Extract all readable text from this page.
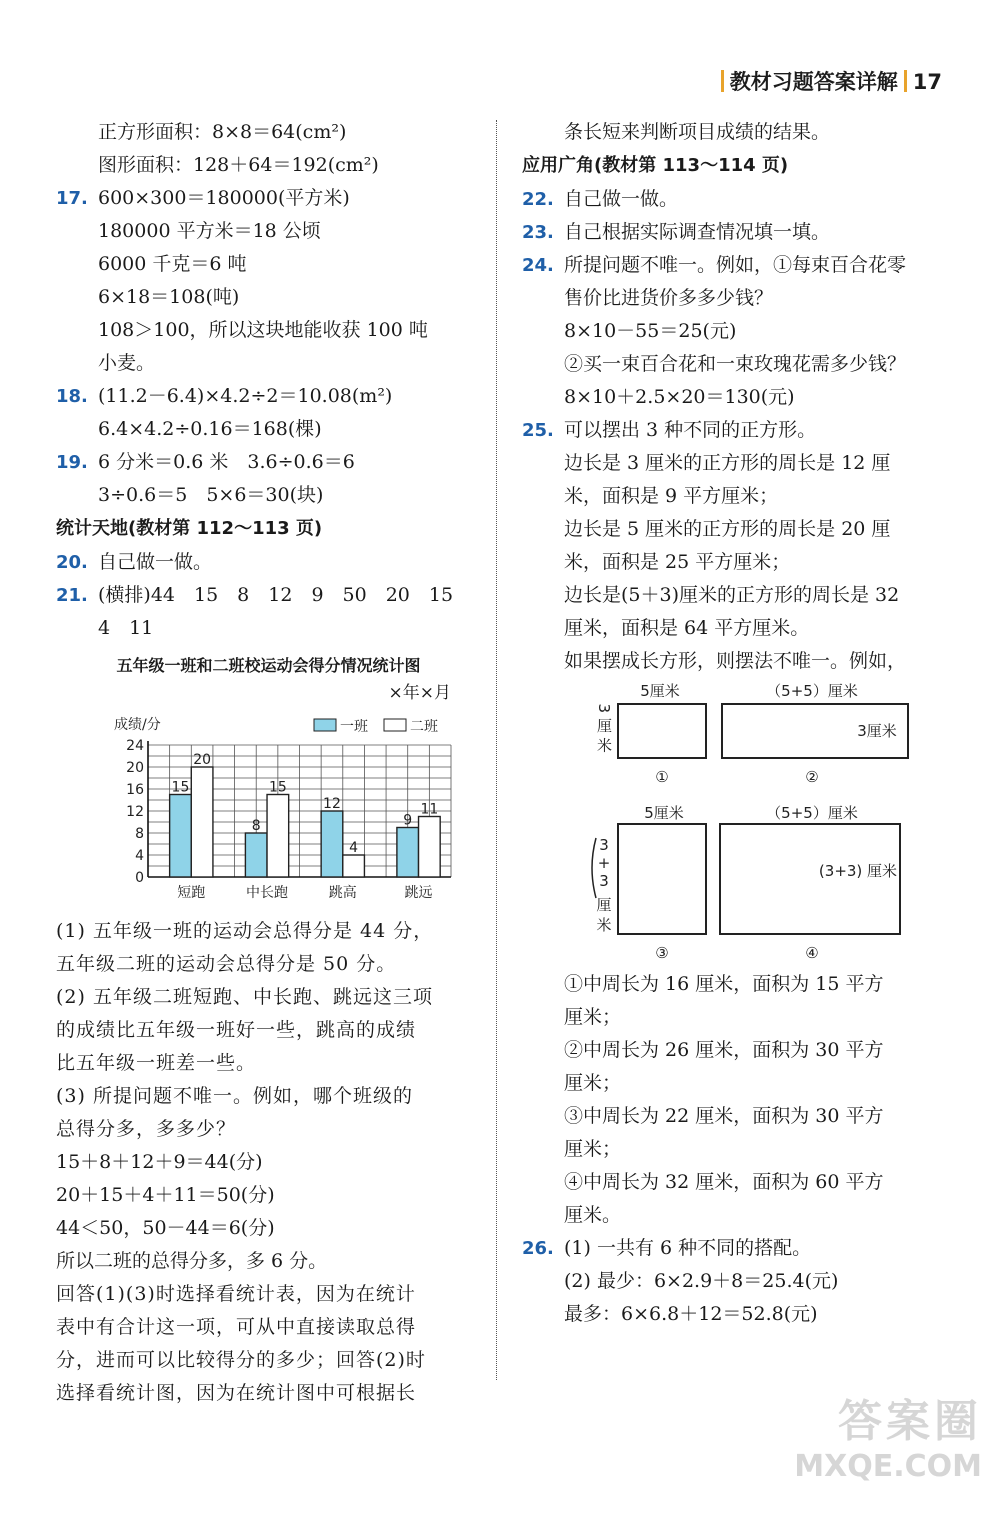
教材习题答案详解 17
正方形面积：8×8＝64(cm²)
图形面积：128＋64＝192(cm²)
17. 600×300＝180000(平方米)
180000 平方米＝18 公顷
6000 千克＝6 吨
6×18＝108(吨)
108＞100，所以这块地能收获 100 吨
小麦。
18. (11.2－6.4)×4.2÷2＝10.08(m²)
6.4×4.2÷0.16＝168(棵)
19. 6 分米＝0.6 米　3.6÷0.6＝6
3÷0.6＝5　5×6＝30(块)
统计天地(教材第 112～113 页)
20. 自己做一做。
21. (横排)44　15　8　12　9　50　20　15
4　11
五年级一班和二班校运动会得分情况统计图
×年×月
成绩/分
0
4
8
12
16
20
24
一班	二班
15
20
短跑
8
15
中长跑
12
4
跳高
9
11
跳远
(1) 五年级一班的运动会总得分是 44 分，
五年级二班的运动会总得分是 50 分。
(2) 五年级二班短跑、中长跑、跳远这三项
的成绩比五年级一班好一些，跳高的成绩
比五年级一班差一些。
(3) 所提问题不唯一。例如，哪个班级的
总得分多，多多少？
15＋8＋12＋9＝44(分)
20＋15＋4＋11＝50(分)
44＜50，50－44＝6(分)
所以二班的总得分多，多 6 分。
回答(1)(3)时选择看统计表，因为在统计
表中有合计这一项，可从中直接读取总得
分，进而可以比较得分的多少；回答(2)时
选择看统计图，因为在统计图中可根据长
条长短来判断项目成绩的结果。
应用广角(教材第 113～114 页)
22. 自己做一做。
23. 自己根据实际调查情况填一填。
24. 所提问题不唯一。例如，①每束百合花零
售价比进货价多多少钱？
8×10－55＝25(元)
②买一束百合花和一束玫瑰花需多少钱？
8×10＋2.5×20＝130(元)
25. 可以摆出 3 种不同的正方形。
边长是 3 厘米的正方形的周长是 12 厘
米，面积是 9 平方厘米；
边长是 5 厘米的正方形的周长是 20 厘
米，面积是 25 平方厘米；
边长是(5＋3)厘米的正方形的周长是 32
厘米，面积是 64 平方厘米。
如果摆成长方形，则摆法不唯一。例如，
5厘米
3 厘 米
①
（5+5）厘米
3厘米
②
5厘米
3
+
3
厘
米
③
（5+5）厘米
(3+3) 厘米
④
①中周长为 16 厘米，面积为 15 平方
厘米；
②中周长为 26 厘米，面积为 30 平方
厘米；
③中周长为 22 厘米，面积为 30 平方
厘米；
④中周长为 32 厘米，面积为 60 平方
厘米。
26. (1) 一共有 6 种不同的搭配。
(2) 最少：6×2.9＋8＝25.4(元)
最多：6×6.8＋12＝52.8(元)
答案圈
MXQE.COM
